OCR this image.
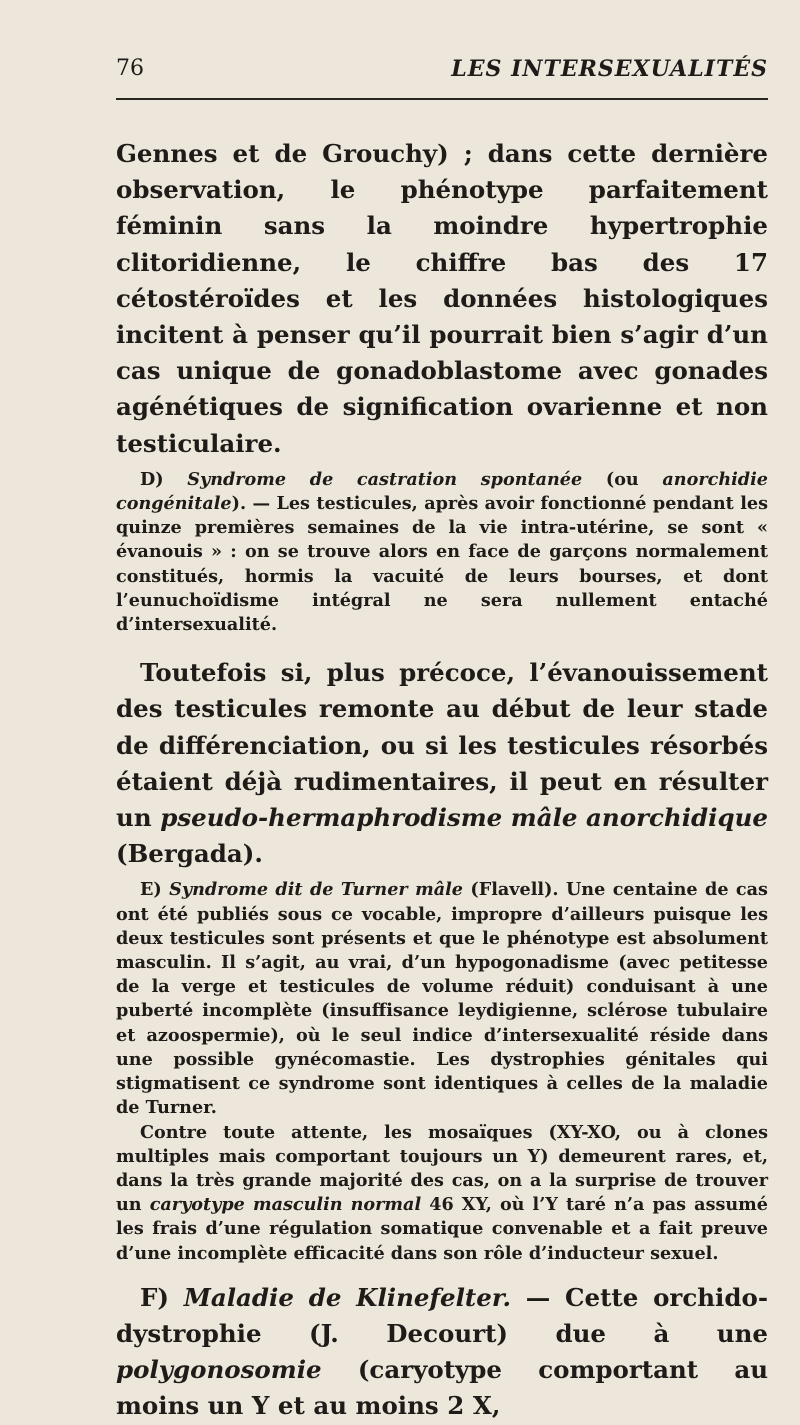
76	LES INTERSEXUALITÉS

Gennes et de Grouchy) ; dans cette dernière observation, le phénotype parfaitement féminin sans la moindre hypertrophie clitoridienne, le chiffre bas des 17 cétostéroïdes et les données histologiques incitent à penser qu’il pourrait bien s’agir d’un cas unique de gonadoblastome avec gonades agénétiques de signification ovarienne et non testiculaire.

D) Syndrome de castration spontanée (ou anorchidie congénitale). — Les testicules, après avoir fonctionné pendant les quinze premières semaines de la vie intra-utérine, se sont « évanouis » : on se trouve alors en face de garçons normalement constitués, hormis la vacuité de leurs bourses, et dont l’eunuchoïdisme intégral ne sera nullement entaché d’intersexualité.

Toutefois si, plus précoce, l’évanouissement des testicules remonte au début de leur stade de différenciation, ou si les testicules résorbés étaient déjà rudimentaires, il peut en résulter un pseudo-hermaphrodisme mâle anorchidique (Bergada).

E) Syndrome dit de Turner mâle (Flavell). Une centaine de cas ont été publiés sous ce vocable, impropre d’ailleurs puisque les deux testicules sont présents et que le phénotype est absolument masculin. Il s’agit, au vrai, d’un hypogonadisme (avec petitesse de la verge et testicules de volume réduit) conduisant à une puberté incomplète (insuffisance leydigienne, sclérose tubulaire et azoospermie), où le seul indice d’intersexualité réside dans une possible gynécomastie. Les dystrophies génitales qui stigmatisent ce syndrome sont identiques à celles de la maladie de Turner.

Contre toute attente, les mosaïques (XY-XO, ou à clones multiples mais comportant toujours un Y) demeurent rares, et, dans la très grande majorité des cas, on a la surprise de trouver un caryotype masculin normal 46 XY, où l’Y taré n’a pas assumé les frais d’une régulation somatique convenable et a fait preuve d’une incomplète efficacité dans son rôle d’inducteur sexuel.

F) Maladie de Klinefelter. — Cette orchido-dystrophie (J. Decourt) due à une polygonosomie (caryotype comportant au moins un Y et au moins 2 X,
